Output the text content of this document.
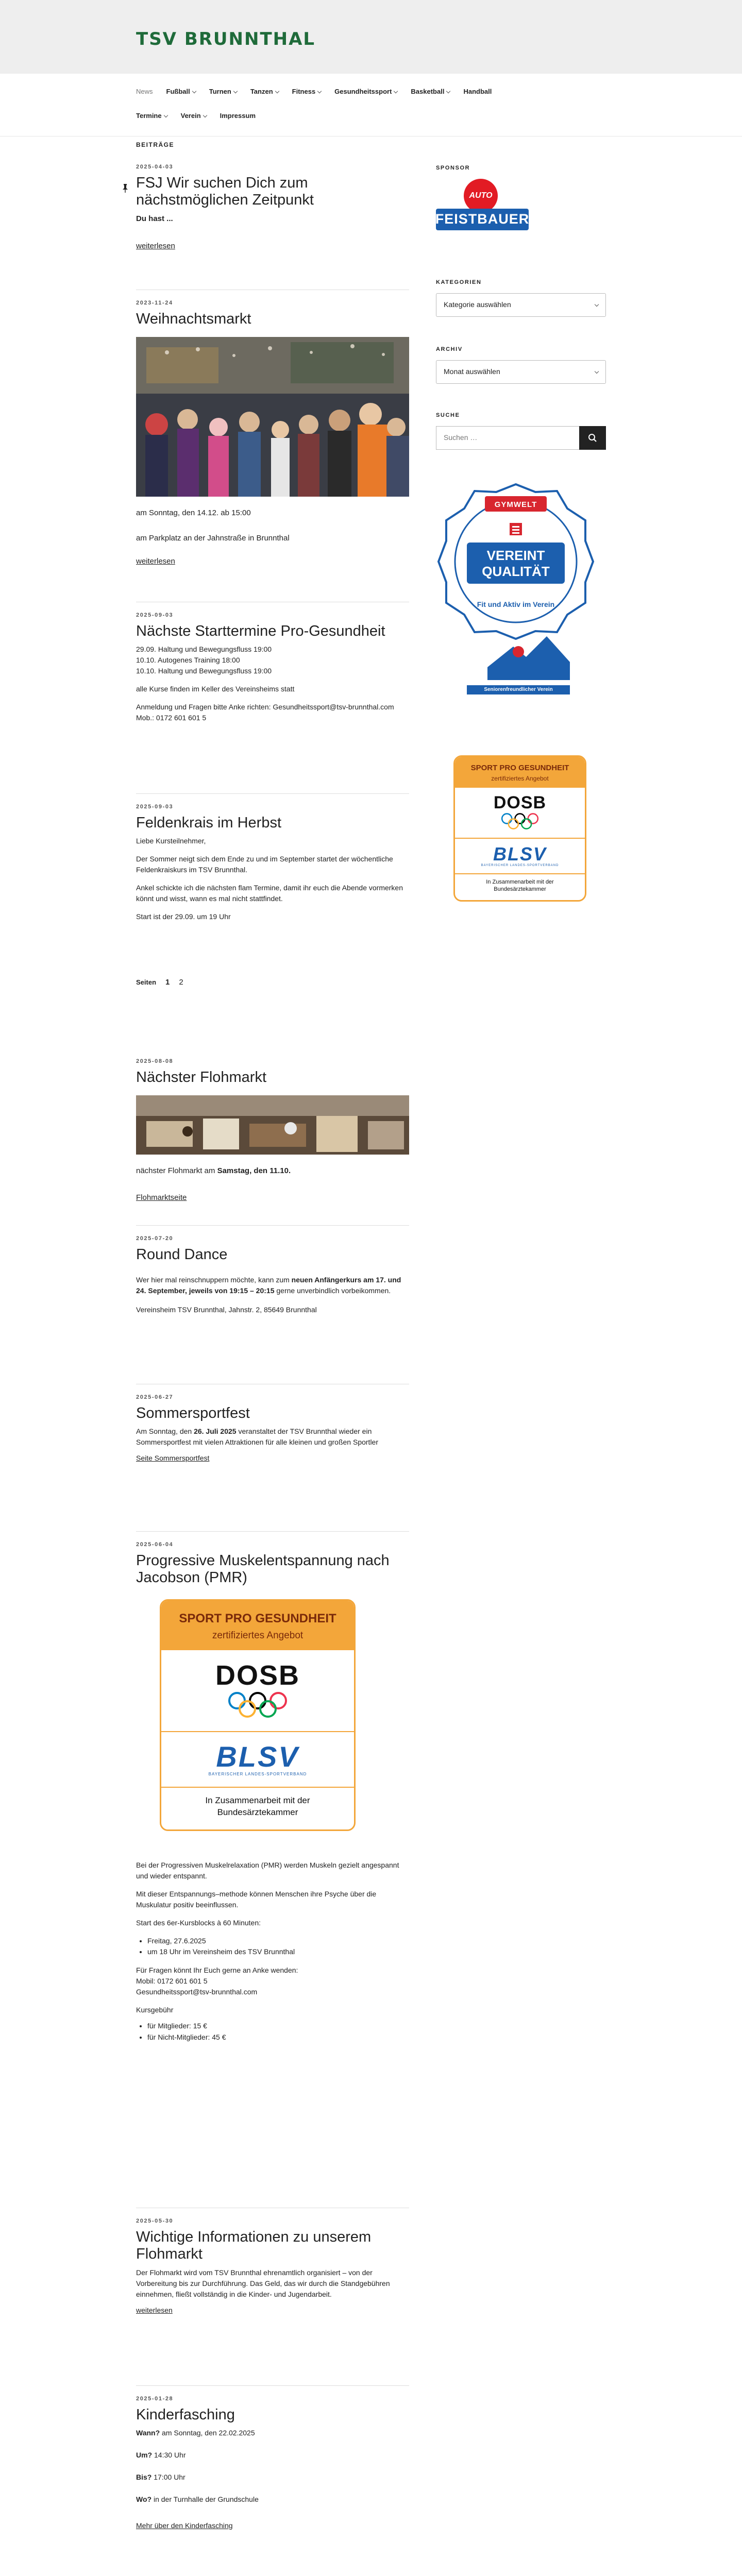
TSV BRUNNTHAL
News Fußball	Turnen	Tanzen	Fitness	Gesundheitssport	Basketball	Handball
Termine	Verein	Impressum
BEITRÄGE
2025-04-03
FSJ Wir suchen Dich zum nächstmöglichen Zeitpunkt

Du hast ...

weiterlesen
2023-11-24
Weihnachtsmarkt

am Sonntag, den 14.12. ab 15:00

am Parkplatz an der Jahnstraße in Brunnthal

weiterlesen
2025-09-03
Nächste Starttermine Pro-Gesundheit

29.09. Haltung und Bewegungsfluss 19:00

10.10. Autogenes Training 18:00

10.10. Haltung und Bewegungsfluss 19:00

alle Kurse finden im Keller des Vereinsheims statt

Anmeldung und Fragen bitte Anke richten: Gesundheitssport@tsv-brunnthal.com

Mob.: 0172 601 601 5

2025-09-03
Feldenkrais im Herbst

Liebe Kursteilnehmer,

Der Sommer neigt sich dem Ende zu und im September startet der wöchentliche Feldenkraiskurs im TSV Brunnthal.

Ankel schickte ich die nächsten flam Termine, damit ihr euch die Abende vormerken könnt und wisst, wann es mal nicht stattfindet.

Start ist der 29.09. um 19 Uhr

Seiten 1 2
2025-08-08
Nächster Flohmarkt

nächster Flohmarkt am Samstag, den 11.10.

Flohmarktseite
2025-07-20
Round Dance

Wer hier mal reinschnuppern möchte, kann zum neuen Anfängerkurs am 17. und 24. September, jeweils von 19:15 – 20:15 gerne unverbindlich vorbeikommen.

Vereinsheim TSV Brunnthal, Jahnstr. 2, 85649 Brunnthal

2025-06-27
Sommersportfest

Am Sonntag, den 26. Juli 2025 veranstaltet der TSV Brunnthal wieder ein Sommersportfest mit vielen Attraktionen für alle kleinen und großen Sportler

Seite Sommersportfest
2025-06-04
Progressive Muskelentspannung nach Jacobson (PMR)
SPORT PRO GESUNDHEIT
zertifiziertes Angebot
DOSB
BLSV
BAYERISCHER LANDES-SPORTVERBAND
In Zusammenarbeit mit der Bundesärztekammer

Bei der Progressiven Muskelrelaxation (PMR) werden Muskeln gezielt angespannt und wieder entspannt.

Mit dieser Entspannungs–methode können Menschen ihre Psyche über die Muskulatur positiv beeinflussen.

Start des 6er-Kursblocks à 60 Minuten:

• Freitag, 27.6.2025
• um 18 Uhr im Vereinsheim des TSV Brunnthal

Für Fragen könnt Ihr Euch gerne an Anke wenden:

Mobil: 0172 601 601 5

Gesundheitssport@tsv-brunnthal.com

Kursgebühr

• für Mitglieder: 15 €
• für Nicht-Mitglieder: 45 €
2025-05-30
Wichtige Informationen zu unserem Flohmarkt

Der Flohmarkt wird vom TSV Brunnthal ehrenamtlich organisiert – von der Vorbereitung bis zur Durchführung. Das Geld, das wir durch die Standgebühren einnehmen, fließt vollständig in die Kinder- und Jugendarbeit.

weiterlesen
2025-01-28
Kinderfasching

Wann? am Sonntag, den 22.02.2025

Um? 14:30 Uhr

Bis? 17:00 Uhr

Wo? in der Turnhalle der Grundschule

Mehr über den Kinderfasching

SPONSOR
AUTO
FEISTBAUER
KATEGORIEN
Kategorie auswählen
ARCHIV
Monat auswählen
SUCHE
Suchen …
GYMWELT
VEREINT QUALITÄT
Fit und Aktiv im Verein
Seniorenfreundlicher Verein
SPORT PRO GESUNDHEIT
zertifiziertes Angebot
DOSB
BLSV
BAYERISCHER LANDES-SPORTVERBAND
In Zusammenarbeit mit der Bundesärztekammer
